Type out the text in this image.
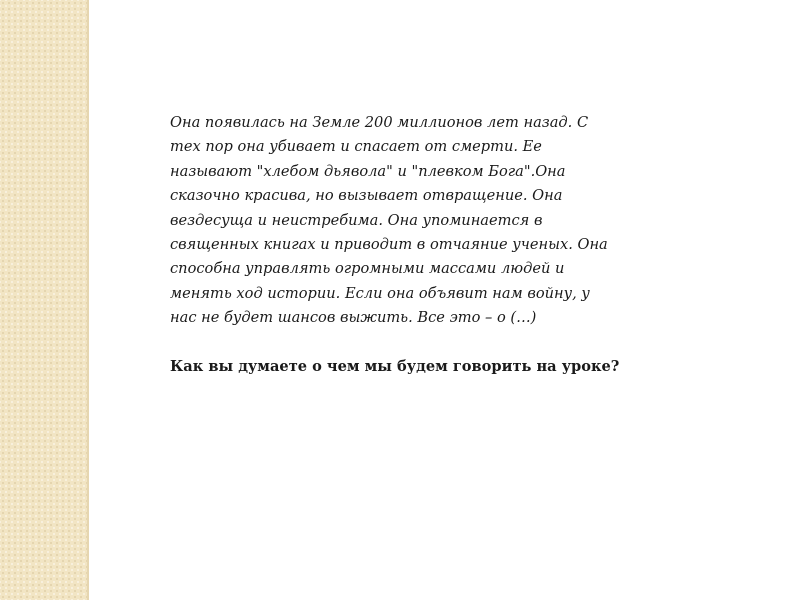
Она появилась на Земле 200 миллионов лет назад. С
тех пор она убивает и спасает от смерти. Ее
называют "хлебом дьявола" и "плевком Бога".Она
сказочно красива, но вызывает отвращение. Она
вездесуща и неистребима. Она упоминается в
священных книгах и приводит в отчаяние ученых. Она
способна управлять огромными массами людей и
менять ход истории. Если она объявит нам войну, у
нас не будет шансов выжить. Все это – о (…)

Как вы думаете о чем мы будем говорить на уроке?
